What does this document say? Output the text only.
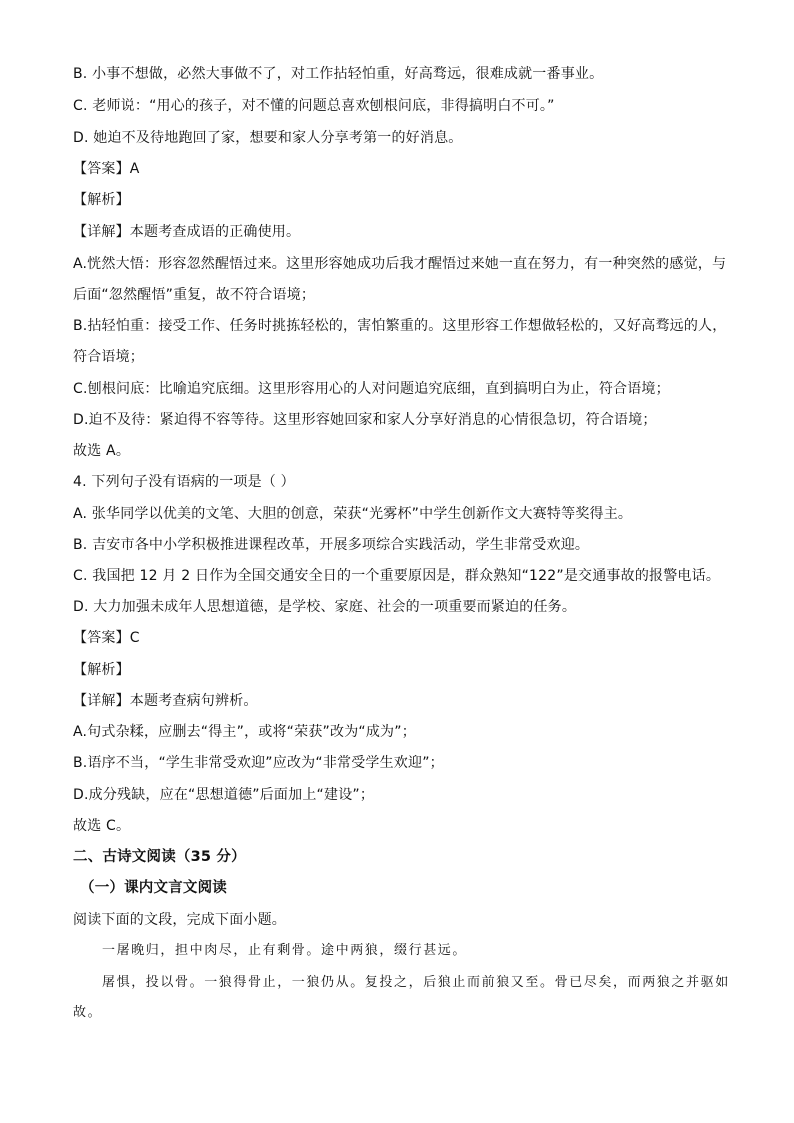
B. 小事不想做，必然大事做不了，对工作拈轻怕重，好高骛远，很难成就一番事业。
C. 老师说：“用心的孩子，对不懂的问题总喜欢刨根问底，非得搞明白不可。”
D. 她迫不及待地跑回了家，想要和家人分享考第一的好消息。
【答案】A
【解析】
【详解】本题考查成语的正确使用。
A.恍然大悟：形容忽然醒悟过来。这里形容她成功后我才醒悟过来她一直在努力，有一种突然的感觉，与
后面“忽然醒悟”重复，故不符合语境；
B.拈轻怕重：接受工作、任务时挑拣轻松的，害怕繁重的。这里形容工作想做轻松的，又好高骛远的人，
符合语境；
C.刨根问底：比喻追究底细。这里形容用心的人对问题追究底细，直到搞明白为止，符合语境；
D.迫不及待：紧迫得不容等待。这里形容她回家和家人分享好消息的心情很急切，符合语境；
故选 A。
4. 下列句子没有语病的一项是（ ）
A. 张华同学以优美的文笔、大胆的创意，荣获“光雾杯”中学生创新作文大赛特等奖得主。
B. 吉安市各中小学积极推进课程改革，开展多项综合实践活动，学生非常受欢迎。
C. 我国把 12 月 2 日作为全国交通安全日的一个重要原因是，群众熟知“122”是交通事故的报警电话。
D. 大力加强未成年人思想道德，是学校、家庭、社会的一项重要而紧迫的任务。
【答案】C
【解析】
【详解】本题考查病句辨析。
A.句式杂糅，应删去“得主”，或将“荣获”改为“成为”；
B.语序不当，“学生非常受欢迎”应改为“非常受学生欢迎”；
D.成分残缺，应在“思想道德”后面加上“建设”；
故选 C。
二、古诗文阅读（35 分）
（一）课内文言文阅读
阅读下面的文段，完成下面小题。
一屠晚归，担中肉尽，止有剩骨。途中两狼，缀行甚远。
屠惧，投以骨。一狼得骨止，一狼仍从。复投之，后狼止而前狼又至。骨已尽矣，而两狼之并驱如
故。
